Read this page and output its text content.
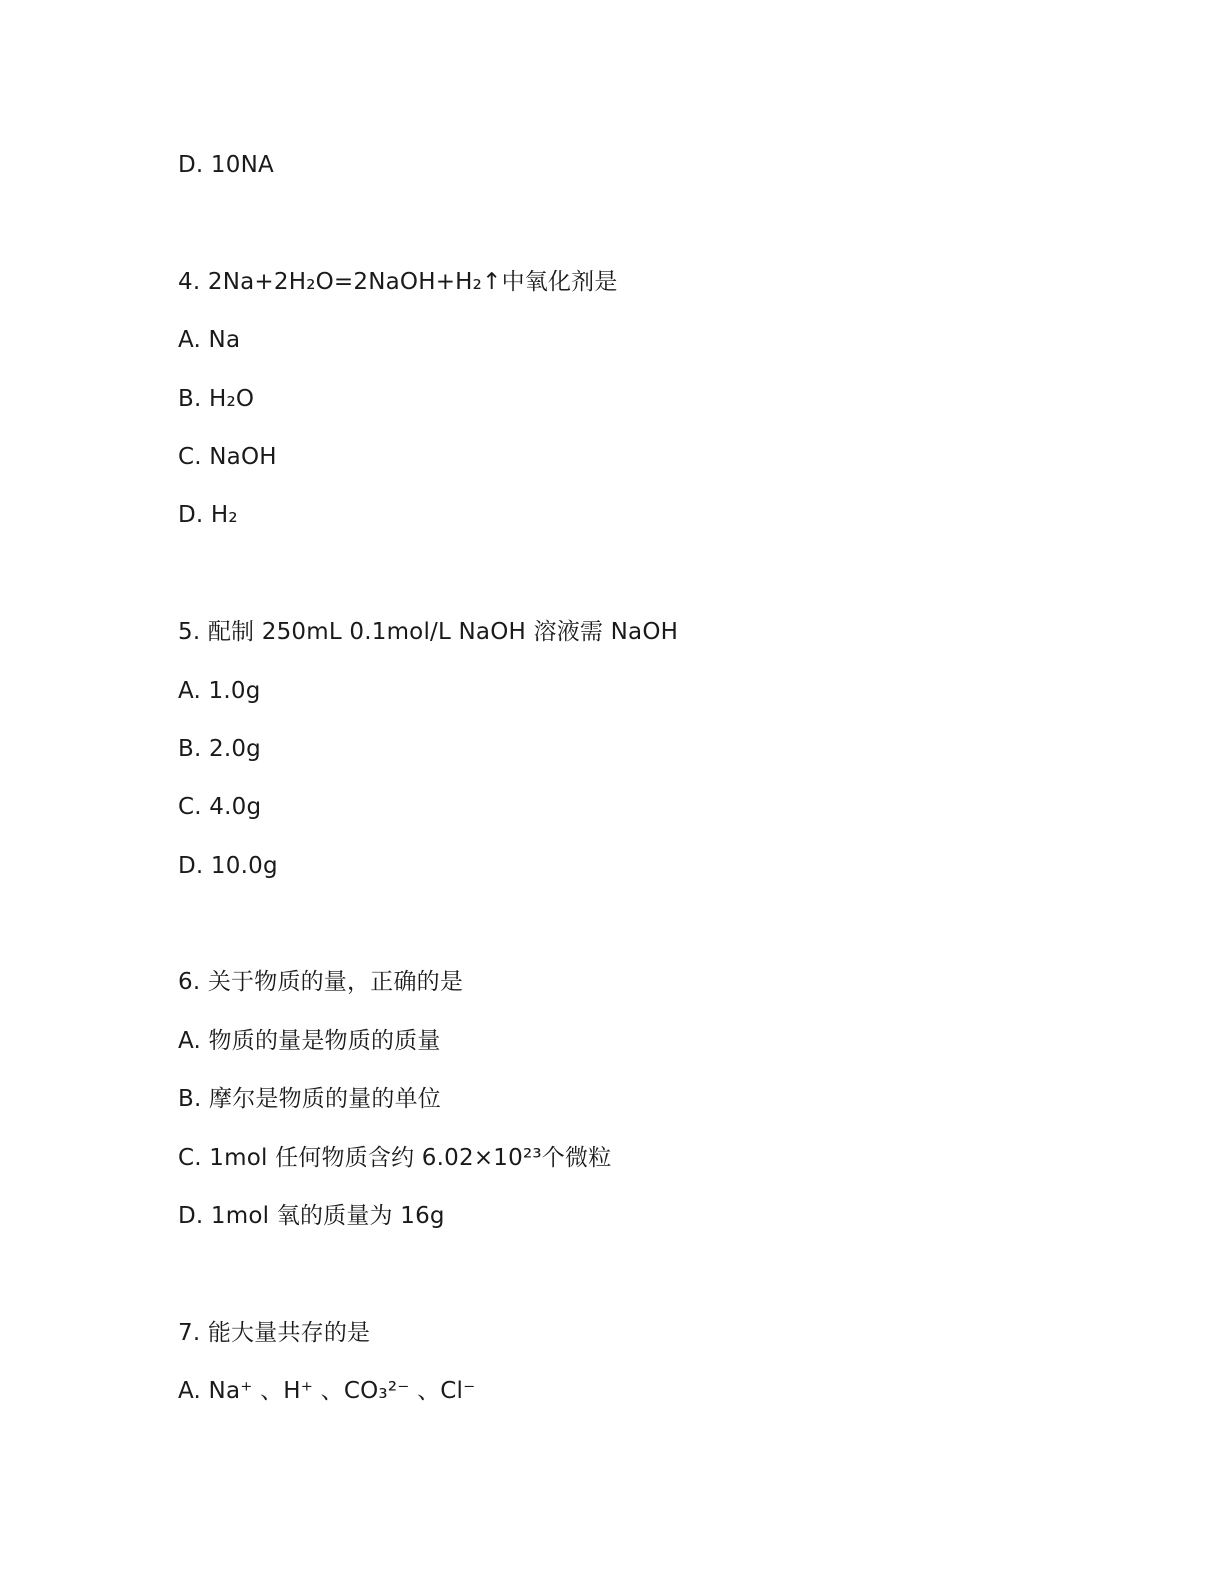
D. 10NA
4. 2Na+2H₂O=2NaOH+H₂↑中氧化剂是
A. Na
B. H₂O
C. NaOH
D. H₂
5. 配制 250mL 0.1mol/L NaOH 溶液需 NaOH
A. 1.0g
B. 2.0g
C. 4.0g
D. 10.0g
6. 关于物质的量，正确的是
A. 物质的量是物质的质量
B. 摩尔是物质的量的单位
C. 1mol 任何物质含约 6.02×10²³个微粒
D. 1mol 氧的质量为 16g
7. 能大量共存的是
A. Na⁺ 、H⁺ 、CO₃²⁻ 、Cl⁻
